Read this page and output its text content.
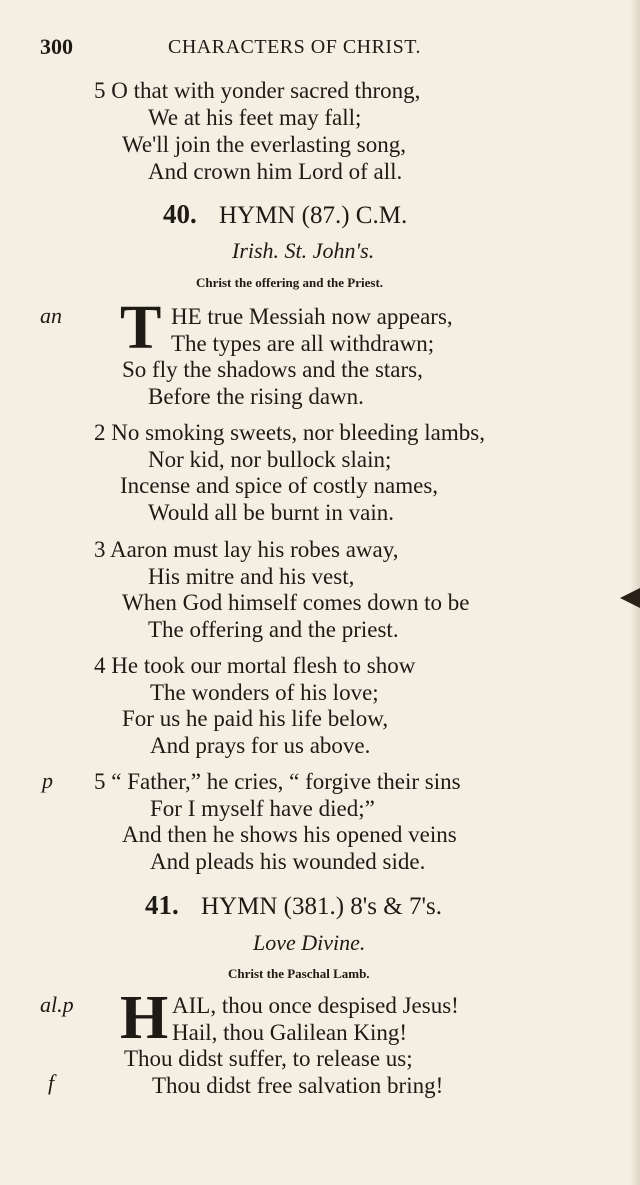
300	CHARACTERS OF CHRIST.
5 O that with yonder sacred throng,
We at his feet may fall;
We'll join the everlasting song,
And crown him Lord of all.
40. HYMN (87.) C.M.
Irish. St. John's.
Christ the offering and the Priest.
an T HE true Messiah now appears,
The types are all withdrawn;
So fly the shadows and the stars,
Before the rising dawn.
2 No smoking sweets, nor bleeding lambs,
Nor kid, nor bullock slain;
Incense and spice of costly names,
Would all be burnt in vain.
3 Aaron must lay his robes away,
His mitre and his vest,
When God himself comes down to be
The offering and the priest.
4 He took our mortal flesh to show
The wonders of his love;
For us he paid his life below,
And prays for us above.
p 5 “ Father,” he cries, “ forgive their sins
For I myself have died;”
And then he shows his opened veins
And pleads his wounded side.
41. HYMN (381.) 8's & 7's.
Love Divine.
Christ the Paschal Lamb.
al.p H AIL, thou once despised Jesus!
Hail, thou Galilean King!
Thou didst suffer, to release us;
f	Thou didst free salvation bring!
